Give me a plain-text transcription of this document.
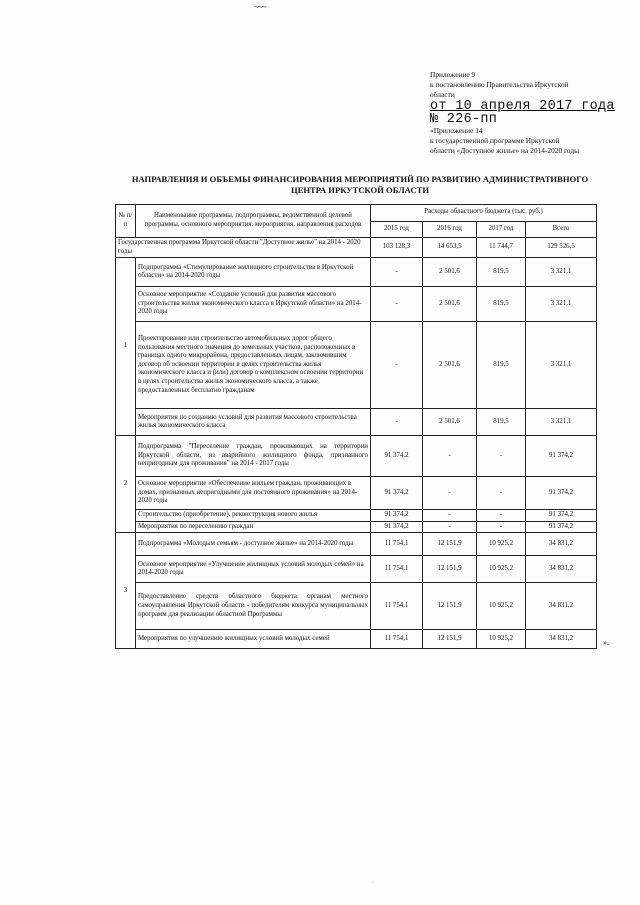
~~~
Приложение 9
к постановлению Правительства Иркутской
области
от 10 апреля 2017 года
№ 226-пп
«Приложение 14
к государственной программе Иркутской
области «Доступное жилье» на 2014-2020 годы
НАПРАВЛЕНИЯ И ОБЪЕМЫ ФИНАНСИРОВАНИЯ МЕРОПРИЯТИЙ ПО РАЗВИТИЮ АДМИНИСТРАТИВНОГО
ЦЕНТРА ИРКУТСКОЙ ОБЛАСТИ
№ п/п	Наименование программы, подпрограммы, ведомственной целевой программы, основного мероприятия, мероприятия, направления расходов	Расходы областного бюджета (тыс. руб.)			
		2015 год	2016 год	2017 год	Всего
Государственная программа Иркутской области "Доступное жилье" на 2014 - 2020 годы		103 128,3	14 653,5	11 744,7	129 526,5
1	Подпрограмма «Стимулирование жилищного строительства в Иркутской области» на 2014-2020 годы	-	2 501,6	819,5	3 321,1
	Основное мероприятие «Создание условий для развития массового строительства жилья экономического класса в Иркутской области» на 2014-2020 годы	-	2 501,6	819,5	3 321,1
	Проектирование или строительство автомобильных дорог общего пользования местного значения до земельных участков, расположенных в границах одного микрорайона, предоставленных лицам, заключившим договор об освоении территории в целях строительства жилья экономического класса и (или) договор о комплексном освоении территории в целях строительства жилья экономического класса, а также предоставленных бесплатно гражданам	-	2 501,6	819,5	3 321,1
	Мероприятия по созданию условий для развития массового строительства жилья экономического класса	-	2 501,6	819,5	3 321,1
2	Подпрограмма "Переселение граждан, проживающих на территории Иркутской области, из аварийного жилищного фонда, признанного непригодным для проживания" на 2014 - 2017 годы	91 374,2	-	-	91 374,2
	Основное мероприятие «Обеспечение жильем граждан, проживающих в домах, признанных непригодными для постоянного проживания» на 2014-2020 годы	91 374,2	-	-	91 374,2
	Строительство (приобретение), реконструкция нового жилья	91 374,2	-	-	91 374,2
	Мероприятия по переселению граждан	91 374,2	-	-	91 374,2
3	Подпрограмма «Молодым семьям - доступное жилье» на 2014-2020 годы	11 754,1	12 151,9	10 925,2	34 831,2
	Основное мероприятие «Улучшение жилищных условий молодых семей» на 2014-2020 годы	11 754,1	12 151,9	10 925,2	34 831,2
	Предоставление средств областного бюджета органам местного самоуправления Иркутской области - победителям конкурса муниципальных программ для реализации областной Программы	11 754,1	12 151,9	10 925,2	34 831,2
	Мероприятия по улучшению жилищных условий молодых семей	11 754,1	12 151,9	10 925,2	34 831,2	».
·
